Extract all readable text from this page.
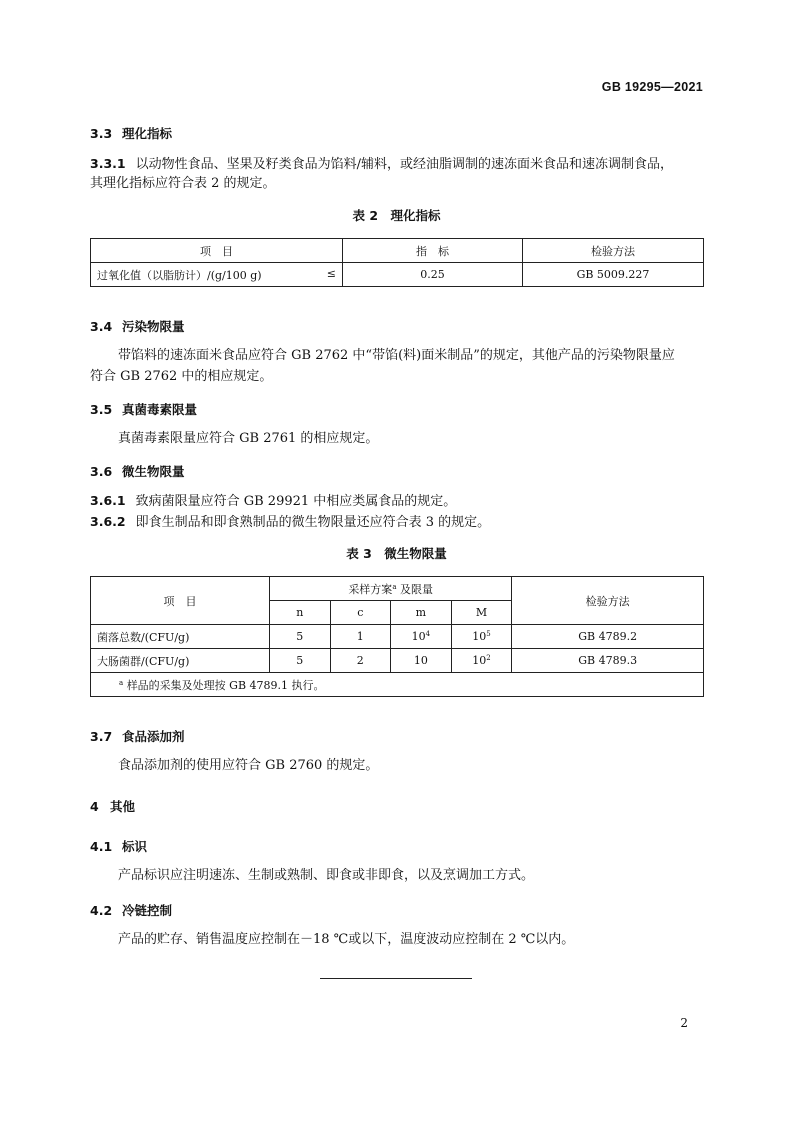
GB 19295—2021
3.3 理化指标
3.3.1 以动物性食品、坚果及籽类食品为馅料/辅料，或经油脂调制的速冻面米食品和速冻调制食品，
其理化指标应符合表 2 的规定。
表 2　理化指标
项　目	指　标	检验方法
过氧化值（以脂肪计）/(g/100 g) ≤	0.25	GB 5009.227
3.4 污染物限量
带馅料的速冻面米食品应符合 GB 2762 中“带馅(料)面米制品”的规定，其他产品的污染物限量应
符合 GB 2762 中的相应规定。
3.5 真菌毒素限量
真菌毒素限量应符合 GB 2761 的相应规定。
3.6 微生物限量
3.6.1 致病菌限量应符合 GB 29921 中相应类属食品的规定。
3.6.2 即食生制品和即食熟制品的微生物限量还应符合表 3 的规定。
表 3　微生物限量
项　目	采样方案$^a$ 及限量				检验方法
	n	c	m	M	
菌落总数/(CFU/g)	5	1	$10^4$	$10^5$	GB 4789.2
大肠菌群/(CFU/g)	5	2	10	$10^2$	GB 4789.3
$^a$ 样品的采集及处理按 GB 4789.1 执行。					
3.7 食品添加剂
食品添加剂的使用应符合 GB 2760 的规定。
4 其他
4.1 标识
产品标识应注明速冻、生制或熟制、即食或非即食，以及烹调加工方式。
4.2 冷链控制
产品的贮存、销售温度应控制在－18 ℃或以下，温度波动应控制在 2 ℃以内。
2
